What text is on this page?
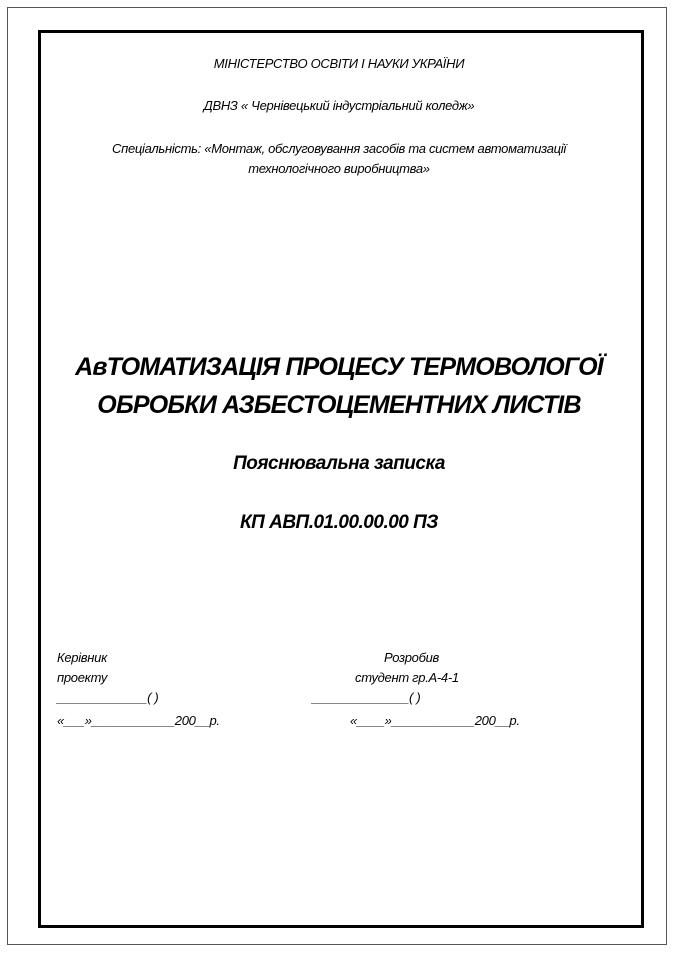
МІНІСТЕРСТВО ОСВІТИ І НАУКИ УКРАЇНИ
ДВНЗ « Чернівецький індустріальний коледж»
Спеціальність: «Монтаж, обслуговування засобів та систем автоматизації
технологічного виробництва»
АвТОМАТИЗАЦІЯ ПРОЦЕСУ ТЕРМОВОЛОГОЇ
ОБРОБКИ АЗБЕСТОЦЕМЕНТНИХ ЛИСТІВ
Пояснювальна записка
КП АВП.01.00.00.00 ПЗ
Керівник
проекту
_____________( )
«___»____________200__р.
Розробив
студент гр.А-4-1
______________( )
«____»____________200__р.
